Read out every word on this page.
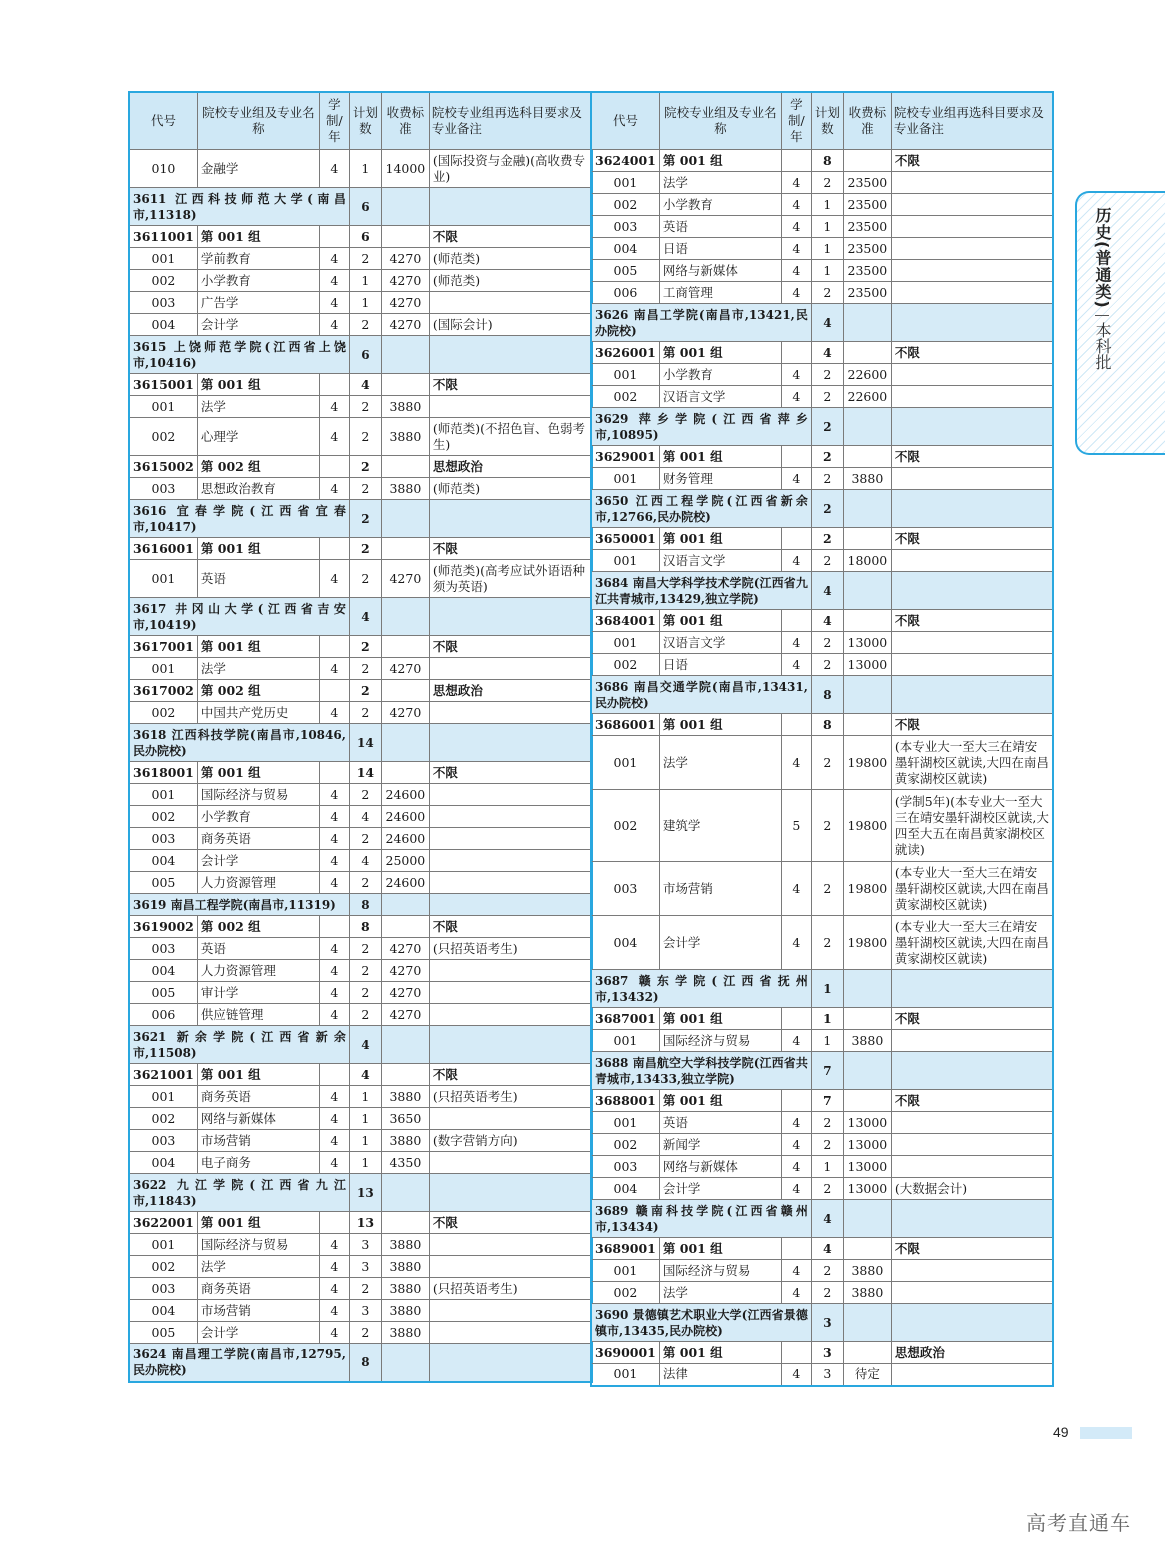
代号	院校专业组及专业名称	学制/年	计划数	收费标准	院校专业组再选科目要求及专业备注
010	金融学	4	1	14000	(国际投资与金融)(高收费专业)
3611 江西科技师范大学(南昌市,11318)			6		
3611001	第 001 组		6		不限
001	学前教育	4	2	4270	(师范类)
002	小学教育	4	1	4270	(师范类)
003	广告学	4	1	4270	
004	会计学	4	2	4270	(国际会计)
3615 上饶师范学院(江西省上饶市,10416)			6		
3615001	第 001 组		4		不限
001	法学	4	2	3880	
002	心理学	4	2	3880	(师范类)(不招色盲、色弱考生)
3615002	第 002 组		2		思想政治
003	思想政治教育	4	2	3880	(师范类)
3616 宜春学院(江西省宜春市,10417)			2		
3616001	第 001 组		2		不限
001	英语	4	2	4270	(师范类)(高考应试外语语种须为英语)
3617 井冈山大学(江西省吉安市,10419)			4		
3617001	第 001 组		2		不限
001	法学	4	2	4270	
3617002	第 002 组		2		思想政治
002	中国共产党历史	4	2	4270	
3618 江西科技学院(南昌市,10846,民办院校)			14		
3618001	第 001 组		14		不限
001	国际经济与贸易	4	2	24600	
002	小学教育	4	4	24600	
003	商务英语	4	2	24600	
004	会计学	4	4	25000	
005	人力资源管理	4	2	24600	
3619 南昌工程学院(南昌市,11319)			8		
3619002	第 002 组		8		不限
003	英语	4	2	4270	(只招英语考生)
004	人力资源管理	4	2	4270	
005	审计学	4	2	4270	
006	供应链管理	4	2	4270	
3621 新余学院(江西省新余市,11508)			4		
3621001	第 001 组		4		不限
001	商务英语	4	1	3880	(只招英语考生)
002	网络与新媒体	4	1	3650	
003	市场营销	4	1	3880	(数字营销方向)
004	电子商务	4	1	4350	
3622 九江学院(江西省九江市,11843)			13		
3622001	第 001 组		13		不限
001	国际经济与贸易	4	3	3880	
002	法学	4	3	3880	
003	商务英语	4	2	3880	(只招英语考生)
004	市场营销	4	3	3880	
005	会计学	4	2	3880	
3624 南昌理工学院(南昌市,12795,民办院校)			8		
代号	院校专业组及专业名称	学制/年	计划数	收费标准	院校专业组再选科目要求及专业备注
3624001	第 001 组		8		不限
001	法学	4	2	23500	
002	小学教育	4	1	23500	
003	英语	4	1	23500	
004	日语	4	1	23500	
005	网络与新媒体	4	1	23500	
006	工商管理	4	2	23500	
3626 南昌工学院(南昌市,13421,民办院校)			4		
3626001	第 001 组		4		不限
001	小学教育	4	2	22600	
002	汉语言文学	4	2	22600	
3629 萍乡学院(江西省萍乡市,10895)			2		
3629001	第 001 组		2		不限
001	财务管理	4	2	3880	
3650 江西工程学院(江西省新余市,12766,民办院校)			2		
3650001	第 001 组		2		不限
001	汉语言文学	4	2	18000	
3684 南昌大学科学技术学院(江西省九江共青城市,13429,独立学院)			4		
3684001	第 001 组		4		不限
001	汉语言文学	4	2	13000	
002	日语	4	2	13000	
3686 南昌交通学院(南昌市,13431,民办院校)			8		
3686001	第 001 组		8		不限
001	法学	4	2	19800	(本专业大一至大三在靖安墨轩湖校区就读,大四在南昌黄家湖校区就读)
002	建筑学	5	2	19800	(学制5年)(本专业大一至大三在靖安墨轩湖校区就读,大四至大五在南昌黄家湖校区就读)
003	市场营销	4	2	19800	(本专业大一至大三在靖安墨轩湖校区就读,大四在南昌黄家湖校区就读)
004	会计学	4	2	19800	(本专业大一至大三在靖安墨轩湖校区就读,大四在南昌黄家湖校区就读)
3687 赣东学院(江西省抚州市,13432)			1		
3687001	第 001 组		1		不限
001	国际经济与贸易	4	1	3880	
3688 南昌航空大学科技学院(江西省共青城市,13433,独立学院)			7		
3688001	第 001 组		7		不限
001	英语	4	2	13000	
002	新闻学	4	2	13000	
003	网络与新媒体	4	1	13000	
004	会计学	4	2	13000	(大数据会计)
3689 赣南科技学院(江西省赣州市,13434)			4		
3689001	第 001 组		4		不限
001	国际经济与贸易	4	2	3880	
002	法学	4	2	3880	
3690 景德镇艺术职业大学(江西省景德镇市,13435,民办院校)			3		
3690001	第 001 组		3		思想政治
001	法律	4	3	待定	
历史(普通类)
本科批
49
高考直通车
